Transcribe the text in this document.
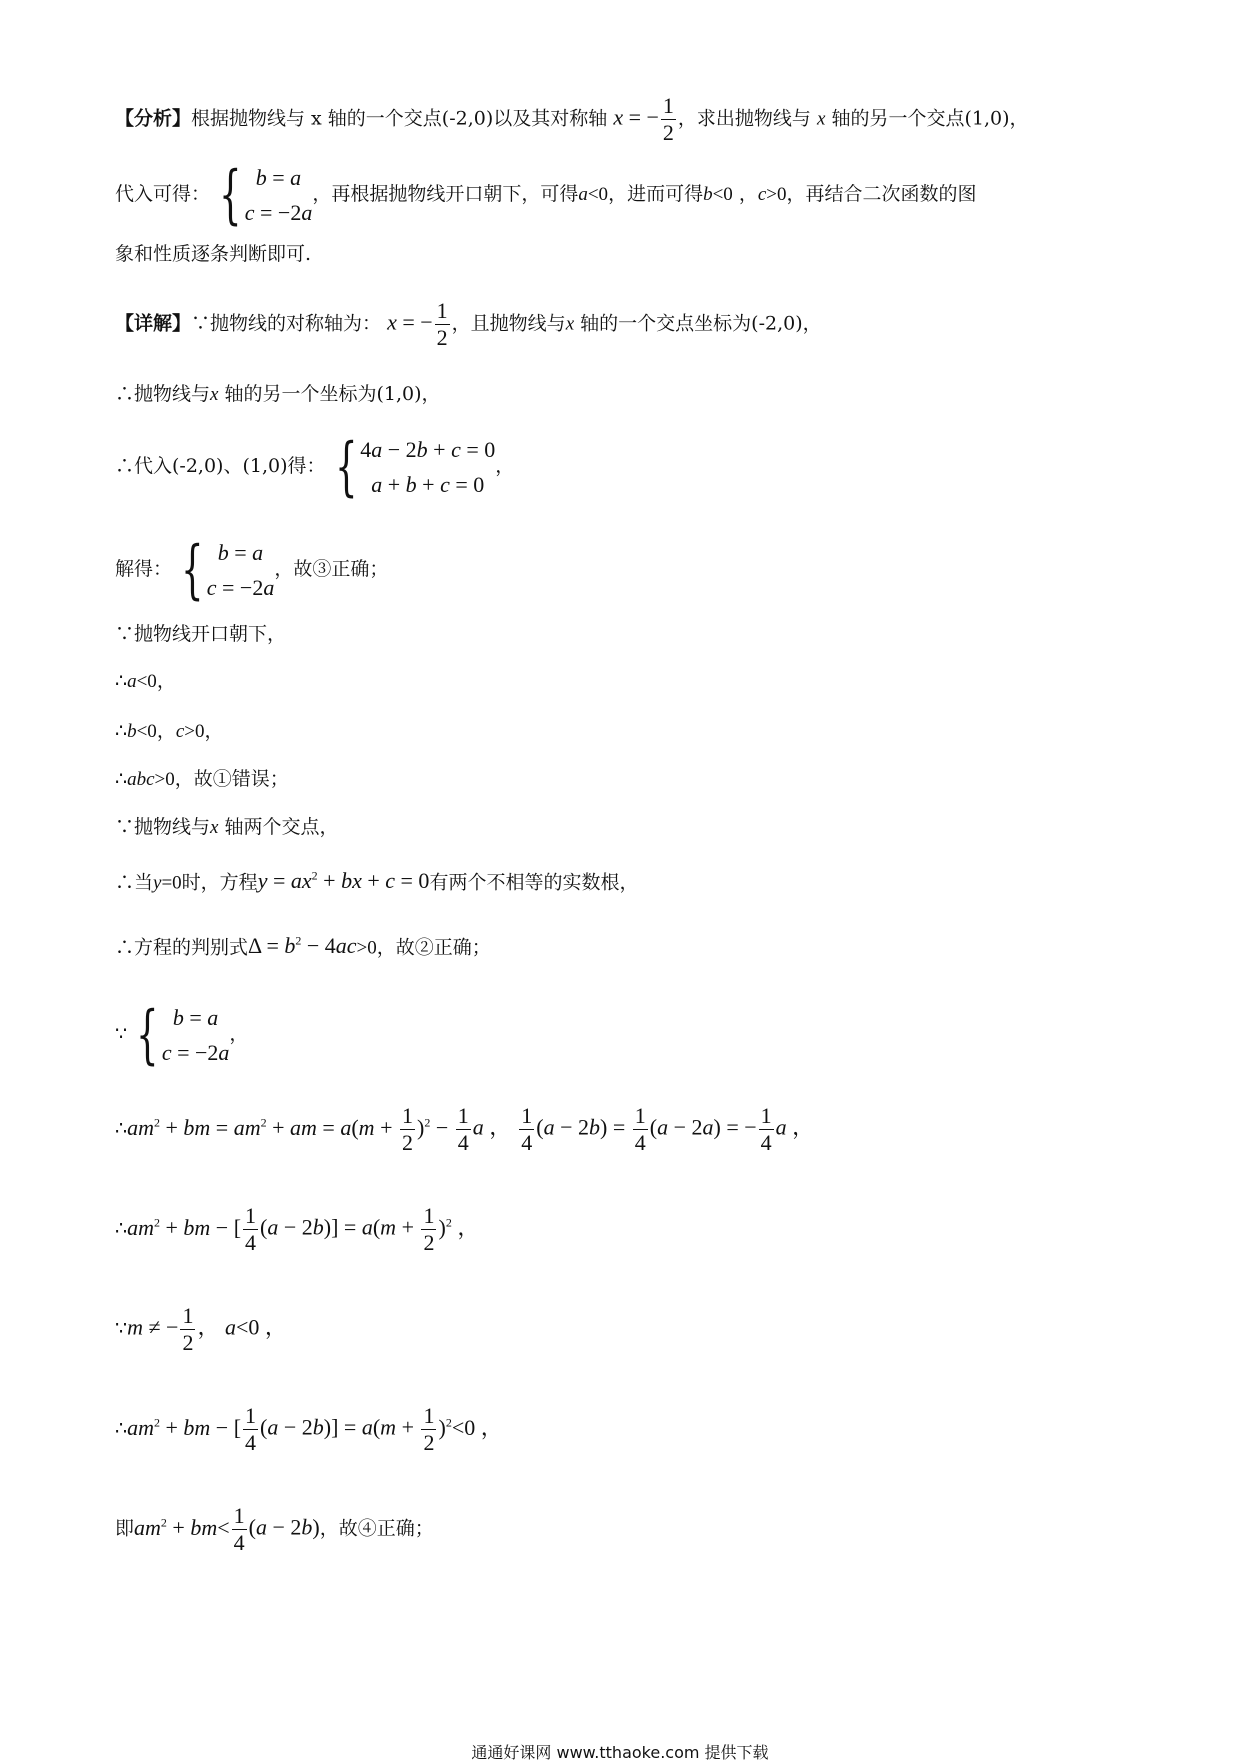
【分析】根据抛物线与 x 轴的一个交点(-2,0)以及其对称轴 x = − $\frac{1}{2}$ ，求出抛物线与 x 轴的另一个交点(1,0)，
代入可得： { b = a
c = −2a
，再根据抛物线开口朝下，可得a<0，进而可得b<0 ，c>0，再结合二次函数的图
象和性质逐条判断即可.
【详解】∵抛物线的对称轴为： x = − $\frac{1}{2}$ ，且抛物线与x 轴的一个交点坐标为(-2,0)，
∴抛物线与x 轴的另一个坐标为(1,0)，
∴代入(-2,0)、(1,0)得： { 4a − 2b + c = 0
a + b + c = 0
，
解得： { b = a
c = −2a
，故③正确；
∵抛物线开口朝下，
∴a<0，
∴b<0，c>0，
∴abc>0，故①错误；
∵抛物线与x 轴两个交点，
∴当y=0时，方程$y = ax^2$ + bx + c = 0有两个不相等的实数根，
∴方程的判别式$\Delta = b^2 - 4ac>0$，故②正确；
∵ { b = a
c = −2a
，
$\therefore am^2$ + bm = $am^2$ + am = $a(m + \frac{1}{2} )^2 - \frac{1}{4}$ a ， $\frac{1}{4} (a - 2b) = \frac{1}{4} (a - 2a)$ = − $\frac{1}{4}$ a ，
$\therefore am^2$ + bm − [ $\frac{1}{4} (a - 2b)] = a(m + \frac{1}{2} )^2$ ，
∵m ≠ − $\frac{1}{2}$ ， a<0 ，
$\therefore am^2$ + bm − [ $\frac{1}{4} (a - 2b)] = a(m + \frac{1}{2} )^2<0$ ，
即$am^2 + bm< \frac{1}{4} (a - 2b)$，故④正确；
通通好课网 www.tthaoke.com 提供下载
